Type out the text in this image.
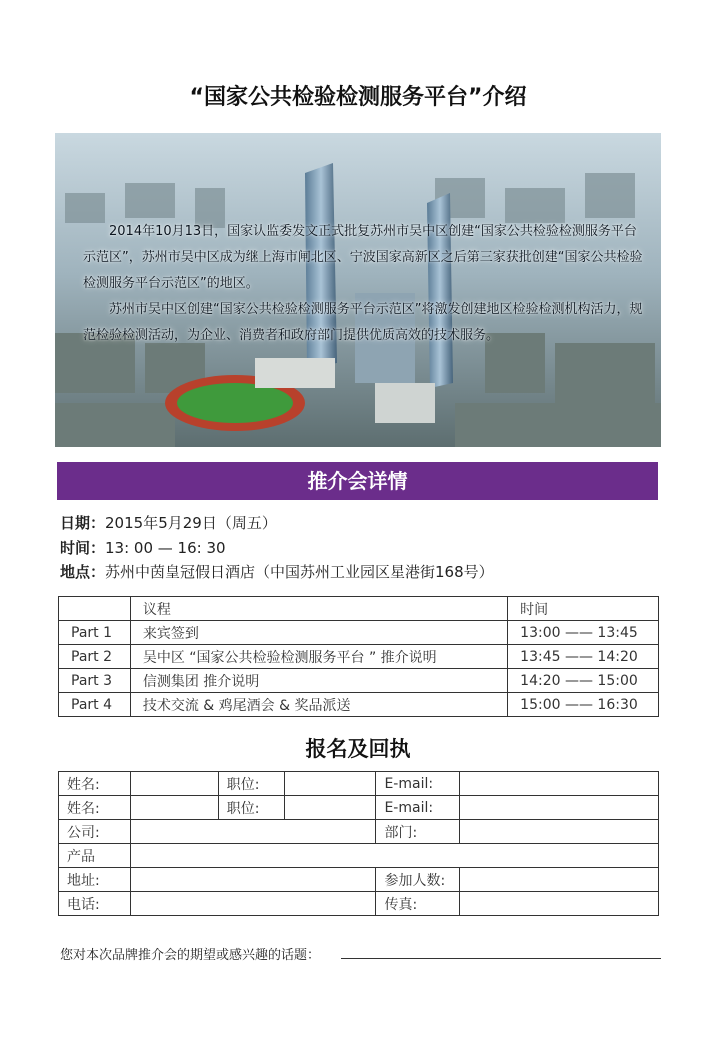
“国家公共检验检测服务平台”介绍

2014年10月13日，国家认监委发文正式批复苏州市吴中区创建“国家公共检验检测服务平台示范区”，苏州市吴中区成为继上海市闸北区、宁波国家高新区之后第三家获批创建“国家公共检验检测服务平台示范区”的地区。

苏州市吴中区创建“国家公共检验检测服务平台示范区”将激发创建地区检验检测机构活力，规范检验检测活动，为企业、消费者和政府部门提供优质高效的技术服务。

推介会详情
日期：2015年5月29日（周五）
时间：13: 00 — 16: 30
地点：苏州中茵皇冠假日酒店（中国苏州工业园区星港街168号）
	议程	时间
Part 1	来宾签到	13:00 —— 13:45
Part 2	吴中区 “国家公共检验检测服务平台 ” 推介说明	13:45 —— 14:20
Part 3	信测集团 推介说明	14:20 —— 15:00
Part 4	技术交流 & 鸡尾酒会 & 奖品派送	15:00 —— 16:30
报名及回执
姓名:		职位:		E-mail:	
姓名:		职位:		E-mail:	
公司:				部门:	
产品					
地址:				参加人数:	
电话:				传真:	
您对本次品牌推介会的期望或感兴趣的话题：
